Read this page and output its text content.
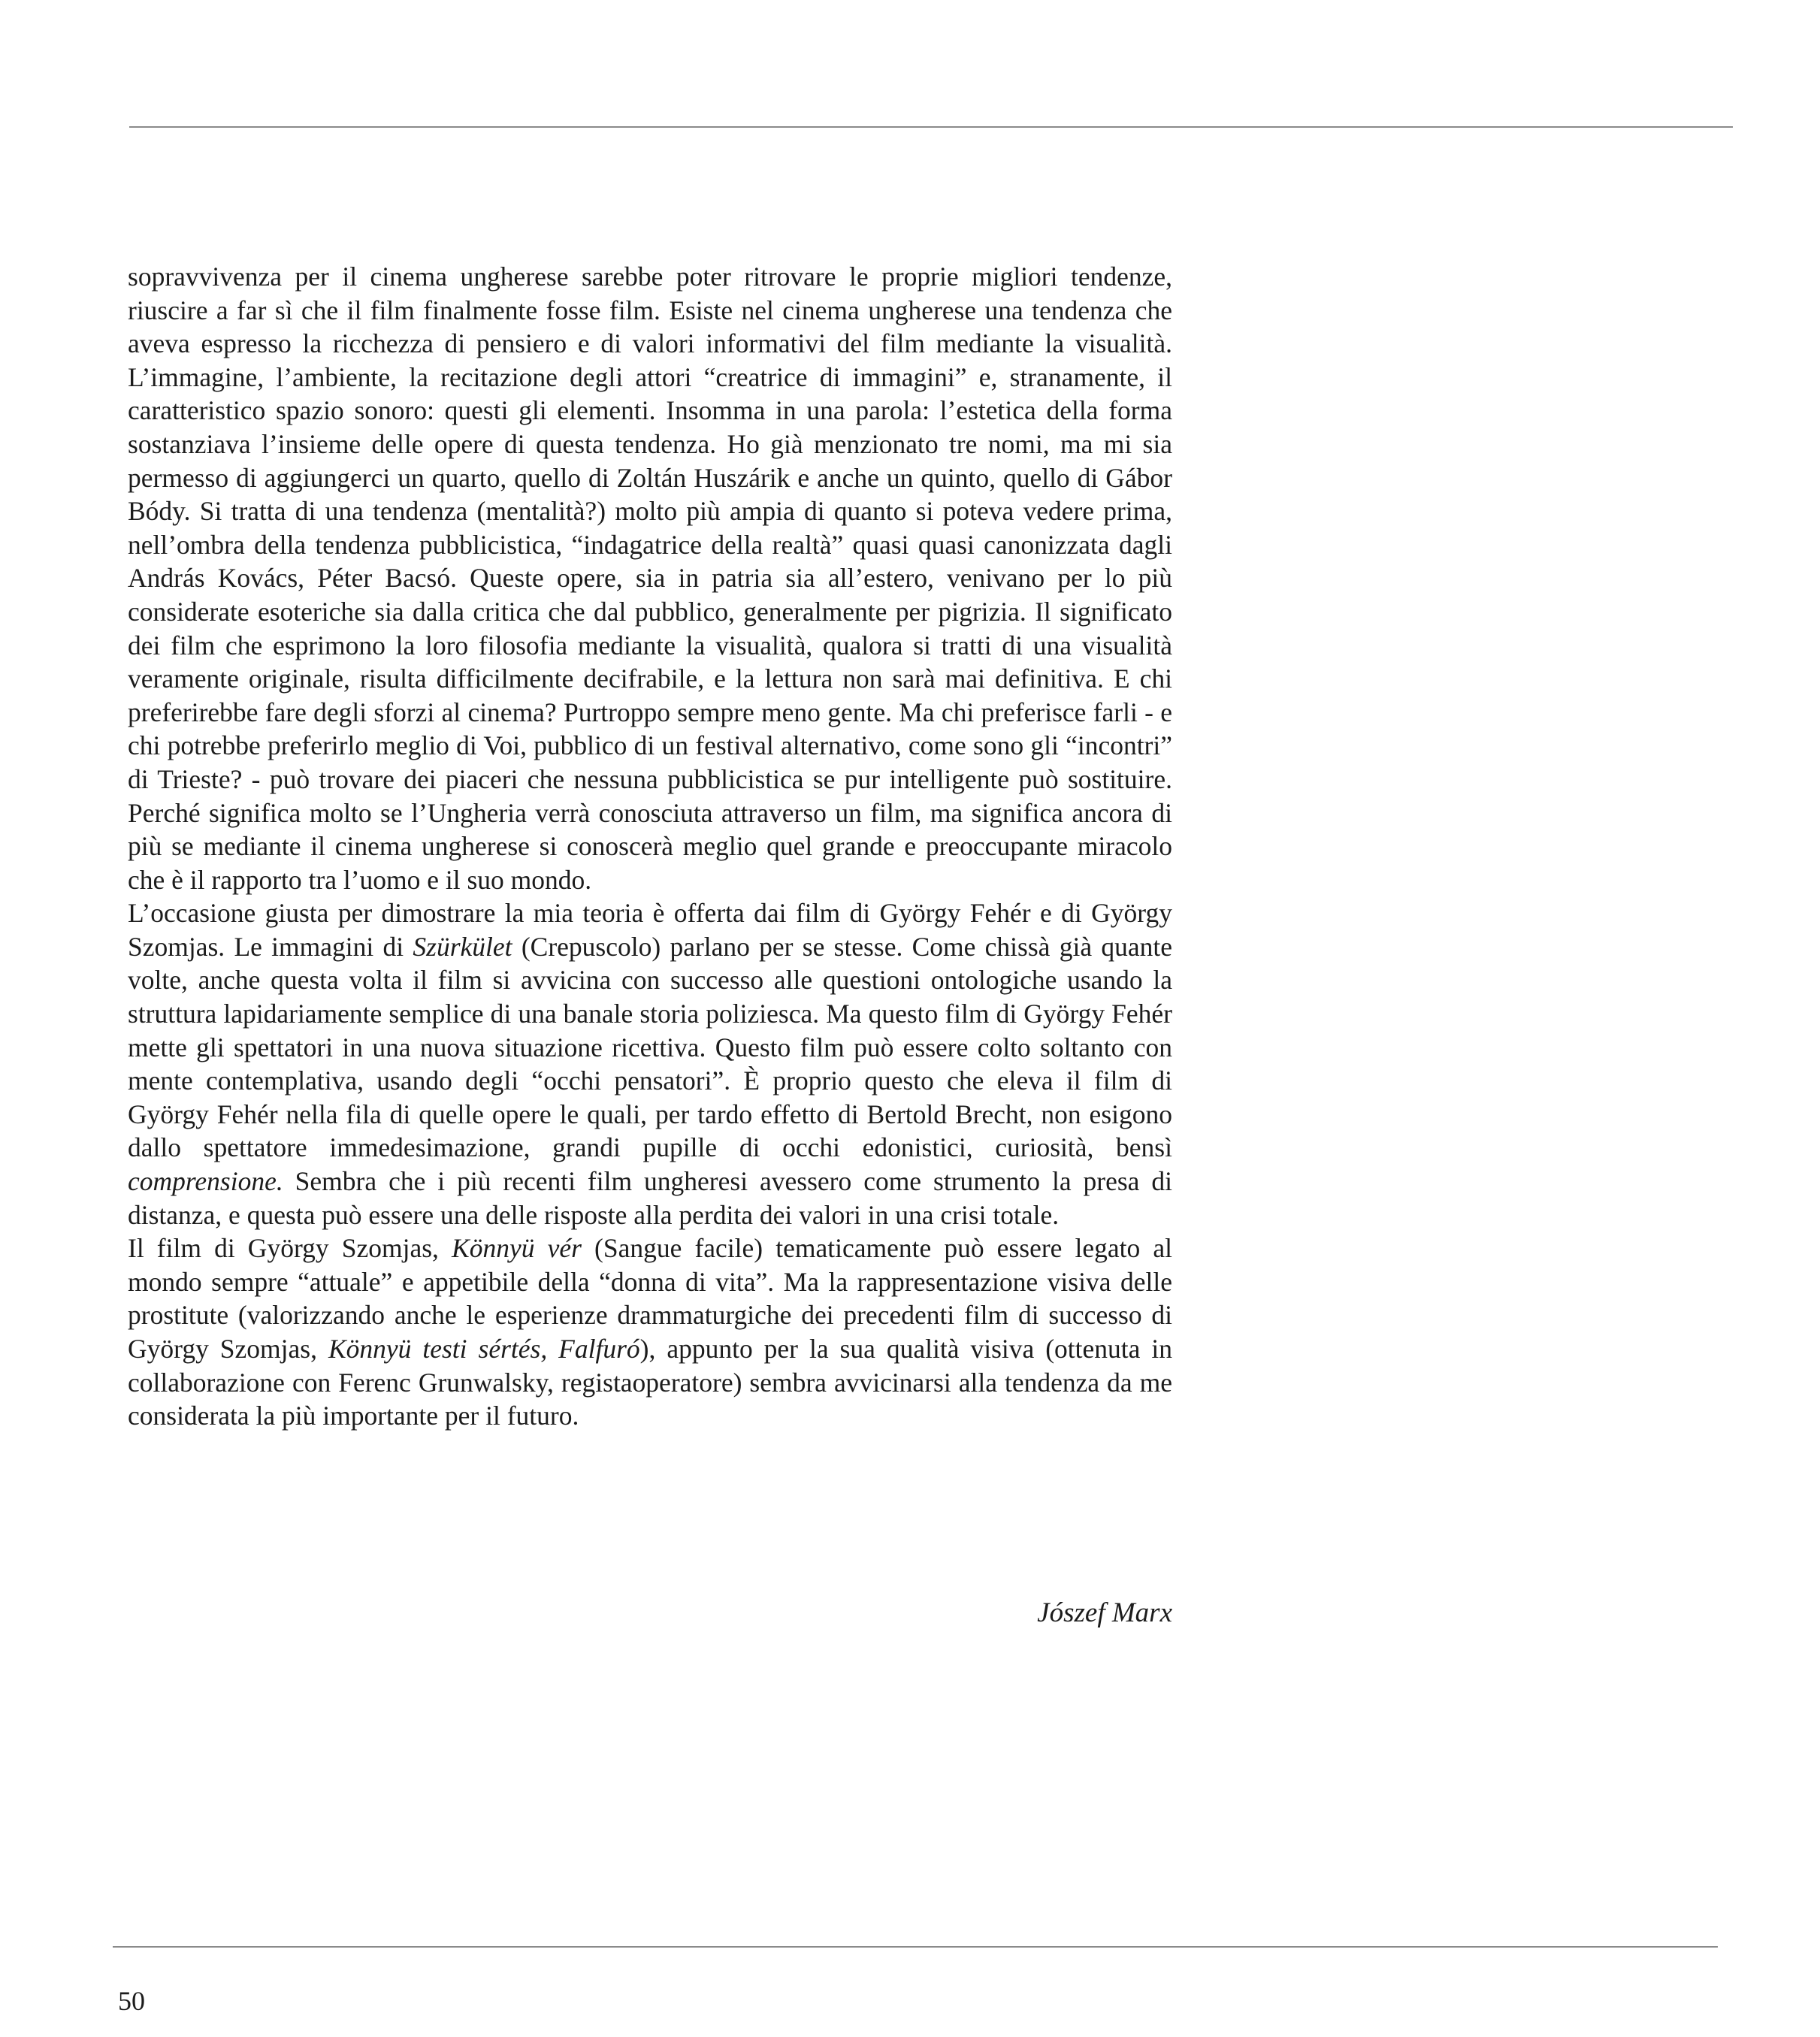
sopravvivenza per il cinema ungherese sarebbe poter ritrovare le proprie migliori tendenze, riuscire a far sì che il film finalmente fosse film. Esiste nel cinema ungherese una tendenza che aveva espresso la ricchezza di pensiero e di valori informativi del film mediante la visualità. L’immagine, l’ambiente, la recitazione degli attori “creatrice di immagini” e, stranamente, il caratteristico spazio sonoro: questi gli elementi. Insomma in una parola: l’estetica della forma sostanziava l’insieme delle opere di questa tendenza. Ho già menzionato tre nomi, ma mi sia permesso di aggiungerci un quarto, quello di Zoltán Huszárik e anche un quinto, quello di Gábor Bódy. Si tratta di una tendenza (mentalità?) molto più ampia di quanto si poteva vedere prima, nell’ombra della tendenza pubblicistica, “indagatrice della realtà” quasi quasi canonizzata dagli András Kovács, Péter Bacsó. Queste opere, sia in patria sia all’estero, venivano per lo più considerate esoteriche sia dalla critica che dal pubblico, generalmente per pigrizia. Il significato dei film che esprimono la loro filosofia mediante la visualità, qualora si tratti di una visualità veramente originale, risulta difficilmente decifrabile, e la lettura non sarà mai definitiva. E chi preferirebbe fare degli sforzi al cinema? Purtroppo sempre meno gente. Ma chi preferisce farli - e chi potrebbe preferirlo meglio di Voi, pubblico di un festival alternativo, come sono gli “incontri” di Trieste? - può trovare dei piaceri che nessuna pubblicistica se pur intelligente può sostituire. Perché significa molto se l’Ungheria verrà conosciuta attraverso un film, ma significa ancora di più se mediante il cinema ungherese si conoscerà meglio quel grande e preoccupante miracolo che è il rapporto tra l’uomo e il suo mondo.

L’occasione giusta per dimostrare la mia teoria è offerta dai film di György Fehér e di György Szomjas. Le immagini di Szürkület (Crepuscolo) parlano per se stesse. Come chissà già quante volte, anche questa volta il film si avvicina con successo alle questioni ontologiche usando la struttura lapidariamente semplice di una banale storia poliziesca. Ma questo film di György Fehér mette gli spettatori in una nuova situazione ricettiva. Questo film può essere colto soltanto con mente contemplativa, usando degli “occhi pensatori”. È proprio questo che eleva il film di György Fehér nella fila di quelle opere le quali, per tardo effetto di Bertold Brecht, non esigono dallo spettatore immedesimazione, grandi pupille di occhi edonistici, curiosità, bensì comprensione. Sembra che i più recenti film ungheresi avessero come strumento la presa di distanza, e questa può essere una delle risposte alla perdita dei valori in una crisi totale.

Il film di György Szomjas, Könnyü vér (Sangue facile) tematicamente può essere legato al mondo sempre “attuale” e appetibile della “donna di vita”. Ma la rappresentazione visiva delle prostitute (valorizzando anche le esperienze drammaturgiche dei precedenti film di successo di György Szomjas, Könnyü testi sértés, Falfuró), appunto per la sua qualità visiva (ottenuta in collaborazione con Ferenc Grunwalsky, registaoperatore) sembra avvicinarsi alla tendenza da me considerata la più importante per il futuro.

Jószef Marx
50
